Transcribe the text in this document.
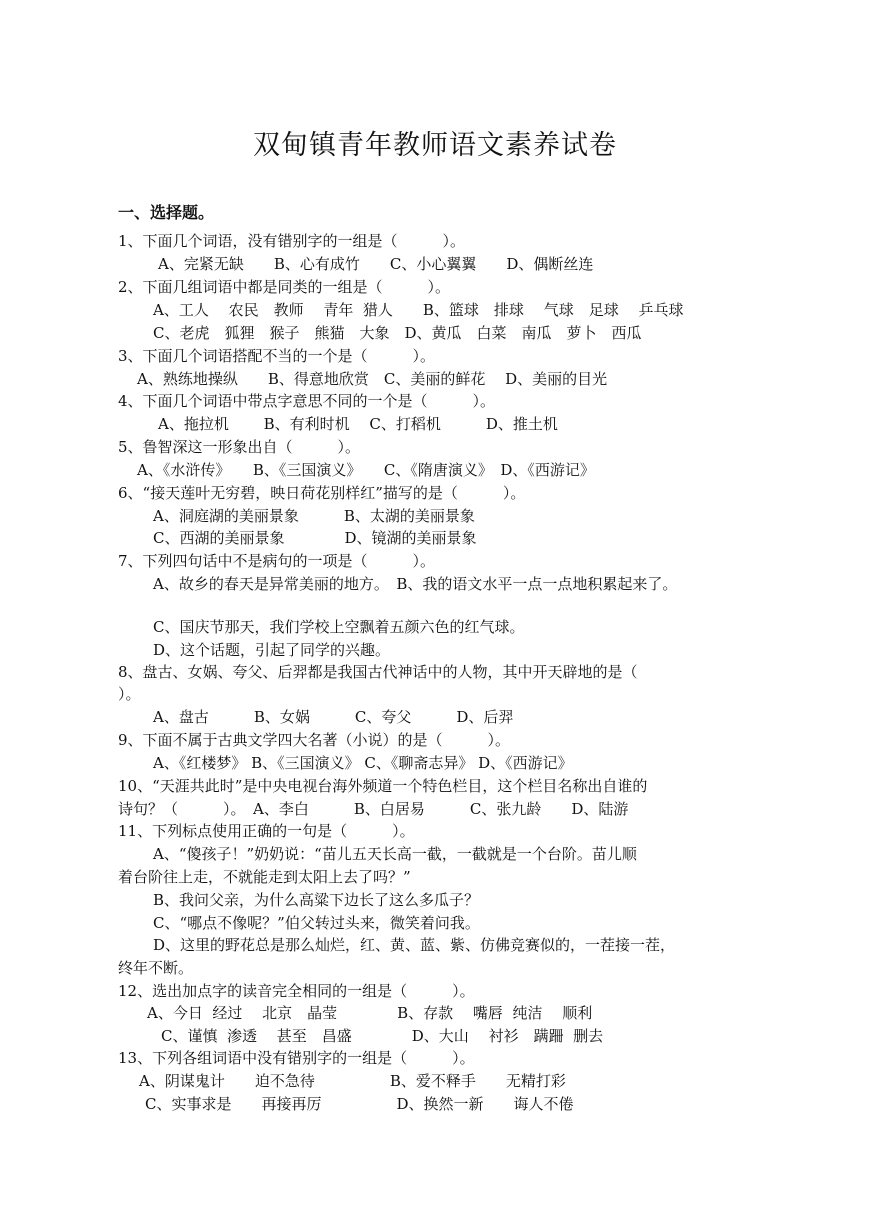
双甸镇青年教师语文素养试卷
一、选择题。
1、下面几个词语，没有错别字的一组是（　　　）。
A、完紧无缺　　B、心有成竹　　C、小心翼翼　　D、偶断丝连
2、下面几组词语中都是同类的一组是（　　　）。
A、工人　 农民　教师　 青年  猎人　　B、篮球　排球　 气球　足球　 乒乓球
C、老虎　狐狸　猴子　熊猫　大象　D、黄瓜　白菜　南瓜　萝卜　西瓜
3、下面几个词语搭配不当的一个是（　　　）。
A、熟练地操纵　　B、得意地欣赏　C、美丽的鲜花　 D、美丽的目光
4、下面几个词语中带点字意思不同的一个是（　　　）。
A、拖拉机　　 B、有利时机　 C、打稻机　　　D、推土机
5、鲁智深这一形象出自（　　　）。
A、《水浒传》　　B、《三国演义》　　C、《隋唐演义》　D、《西游记》
6、“接天莲叶无穷碧，映日荷花别样红”描写的是（　　　）。
A、洞庭湖的美丽景象　　　B、太湖的美丽景象
C、西湖的美丽景象　　　　D、镜湖的美丽景象
7、下列四句话中不是病句的一项是（　　　）。
A、故乡的春天是异常美丽的地方。　B、我的语文水平一点一点地积累起来了。
C、国庆节那天，我们学校上空飘着五颜六色的红气球。
D、这个话题，引起了同学的兴趣。
8、盘古、女娲、夸父、后羿都是我国古代神话中的人物，其中开天辟地的是（
）。
A、盘古　　　B、女娲　　　C、夸父　　　D、后羿
9、下面不属于古典文学四大名著（小说）的是（　　　）。
A、《红楼梦》 B、《三国演义》 C、《聊斋志异》 D、《西游记》
10、“天涯共此时”是中央电视台海外频道一个特色栏目，这个栏目名称出自谁的
诗句？（　　　）。　A、李白　　　B、白居易　　　C、张九龄　　D、陆游
11、下列标点使用正确的一句是（　　　）。
A、“傻孩子！”奶奶说：“苗儿五天长高一截，一截就是一个台阶。苗儿顺
着台阶往上走，不就能走到太阳上去了吗？”
B、我问父亲，为什么高粱下边长了这么多瓜子？
C、“哪点不像呢？”伯父转过头来，微笑着问我。
D、这里的野花总是那么灿烂，红、黄、蓝、紫、仿佛竞赛似的，一茬接一茬，
终年不断。
12、选出加点字的读音完全相同的一组是（　　　）。
A、今日  经过　 北京　晶莹　　　　B、存款　 嘴唇  纯洁　 顺利
C、谨慎  渗透　 甚至　昌盛　　　　D、大山　 衬衫　蹒跚  删去
13、下列各组词语中没有错别字的一组是（　　　）。
A、阴谋鬼计　　迫不急待　　　　　B、爱不释手　　无精打彩
C、实事求是　　再接再厉　　　　　D、换然一新　　诲人不倦
